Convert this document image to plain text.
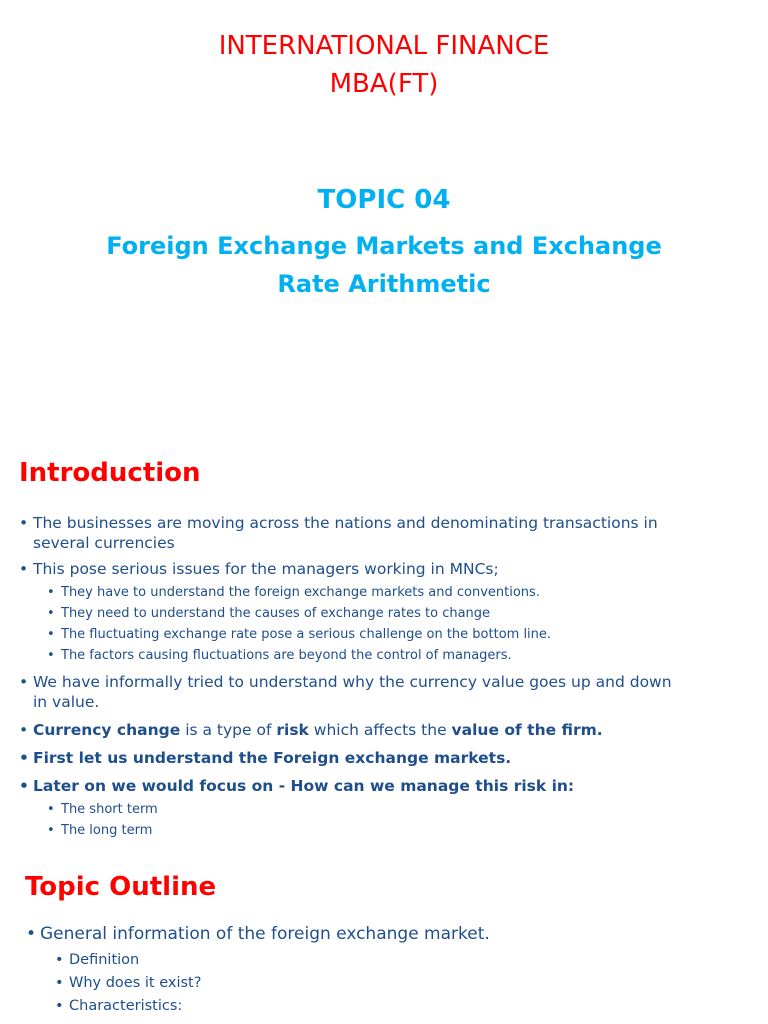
INTERNATIONAL FINANCE
MBA(FT)
TOPIC 04
Foreign Exchange Markets and Exchange
Rate Arithmetic
Introduction
• The businesses are moving across the nations and denominating transactions in
several currencies
• This pose serious issues for the managers working in MNCs;
• They have to understand the foreign exchange markets and conventions.
• They need to understand the causes of exchange rates to change
• The fluctuating exchange rate pose a serious challenge on the bottom line.
• The factors causing fluctuations are beyond the control of managers.
• We have informally tried to understand why the currency value goes up and down
in value.
• Currency change is a type of risk which affects the value of the firm.
• First let us understand the Foreign exchange markets.
• Later on we would focus on - How can we manage this risk in:
• The short term
• The long term
Topic Outline
• General information of the foreign exchange market.
• Definition
• Why does it exist?
• Characteristics:
